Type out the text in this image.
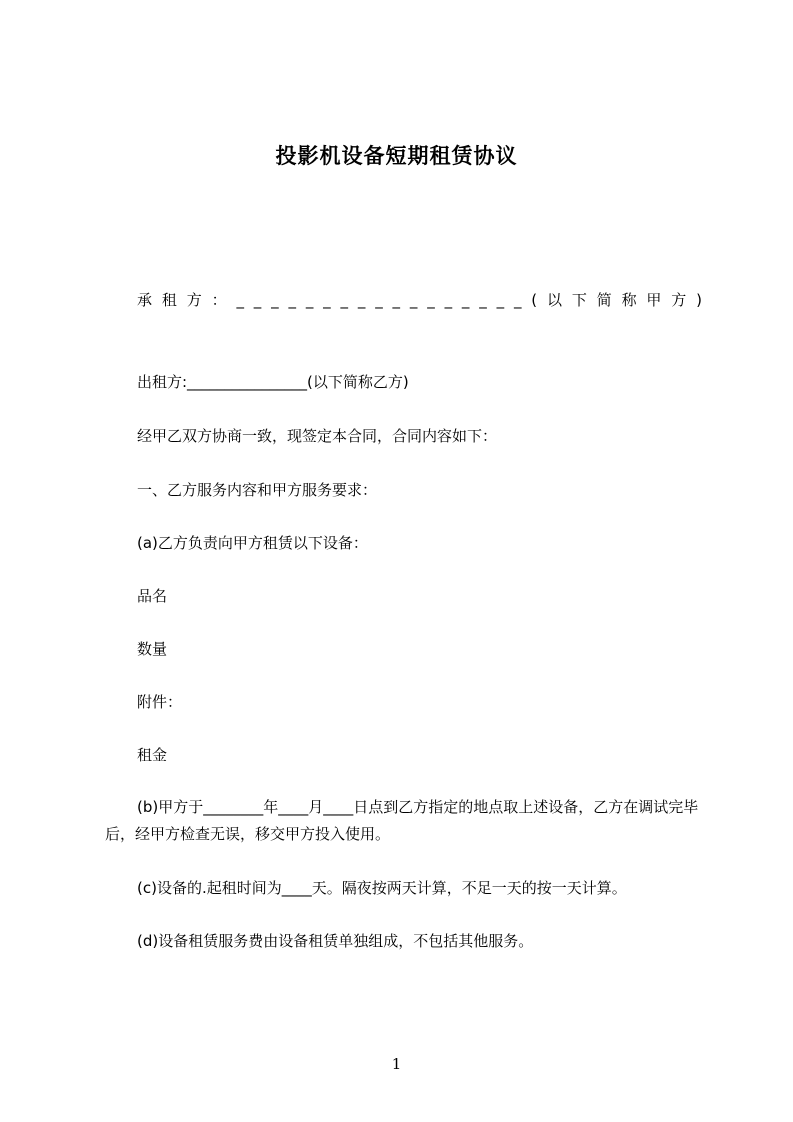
投影机设备短期租赁协议
承 租 方 ： _ _ _ _ _ _ _ _ _ _ _ _ _ _ _ _ _ ( 以 下 简 称 甲 方 )
出租方:________________(以下简称乙方)
经甲乙双方协商一致，现签定本合同，合同内容如下：
一、乙方服务内容和甲方服务要求：
(a)乙方负责向甲方租赁以下设备：
品名
数量
附件：
租金
(b)甲方于________年____月____日点到乙方指定的地点取上述设备，乙方在调试完毕后，经甲方检查无误，移交甲方投入使用。
(c)设备的.起租时间为____天。隔夜按两天计算，不足一天的按一天计算。
(d)设备租赁服务费由设备租赁单独组成，不包括其他服务。
1
